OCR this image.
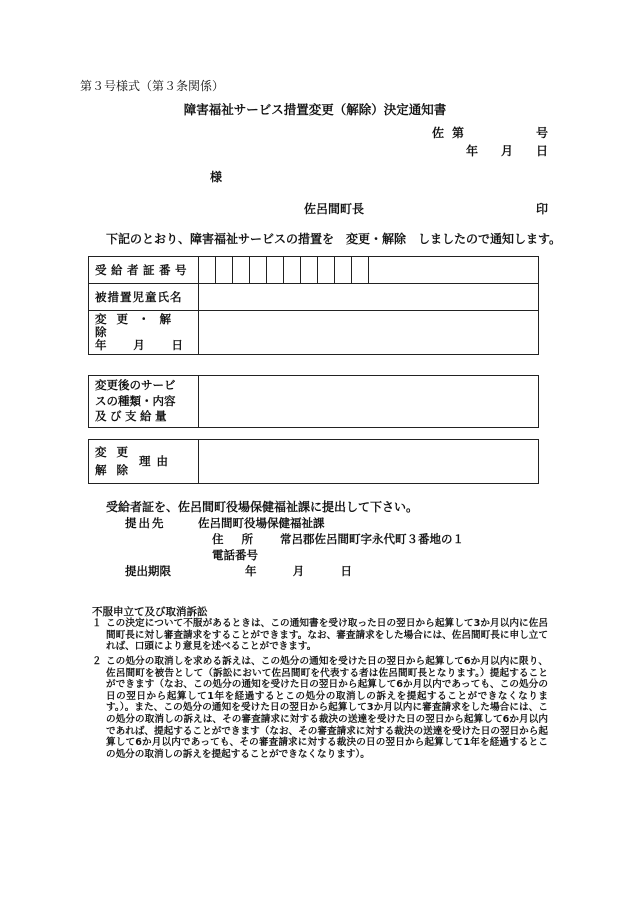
第３号様式（第３条関係）
障害福祉サービス措置変更（解除）決定通知書
佐 第	号
年 月 日
様
佐呂間町長	印
下記のとおり、障害福祉サービスの措置を　変更・解除　しましたので通知します。
受給者証番号	

被措置児童氏名	

変更・解除
年 月 日	

変更後のサービ
スの種類・内容
及び支給量

変更
解除
理由

受給者証を、佐呂間町役場保健福祉課に提出して下さい。
提出先	佐呂間町役場保健福祉課
住所 常呂郡佐呂間町字永代町３番地の１
電話番号
提出期限	年	月	日
不服申立て及び取消訴訟
１ この決定について不服があるときは、この通知書を受け取った日の翌日から起算して3か月以内に佐呂間町長に対し審査請求をすることができます。なお、審査請求をした場合には、佐呂間町長に申し立てれば、口頭により意見を述べることができます。
２ この処分の取消しを求める訴えは、この処分の通知を受けた日の翌日から起算して6か月以内に限り、佐呂間町を被告として（訴訟において佐呂間町を代表する者は佐呂間町長となります。）提起することができます（なお、この処分の通知を受けた日の翌日から起算して6か月以内であっても、この処分の日の翌日から起算して1年を経過するとこの処分の取消しの訴えを提起することができなくなります。）。また、この処分の通知を受けた日の翌日から起算して3か月以内に審査請求をした場合には、この処分の取消しの訴えは、その審査請求に対する裁決の送達を受けた日の翌日から起算して6か月以内であれば、提起することができます（なお、その審査請求に対する裁決の送達を受けた日の翌日から起算して6か月以内であっても、その審査請求に対する裁決の日の翌日から起算して1年を経過するとこの処分の取消しの訴えを提起することができなくなります）。
